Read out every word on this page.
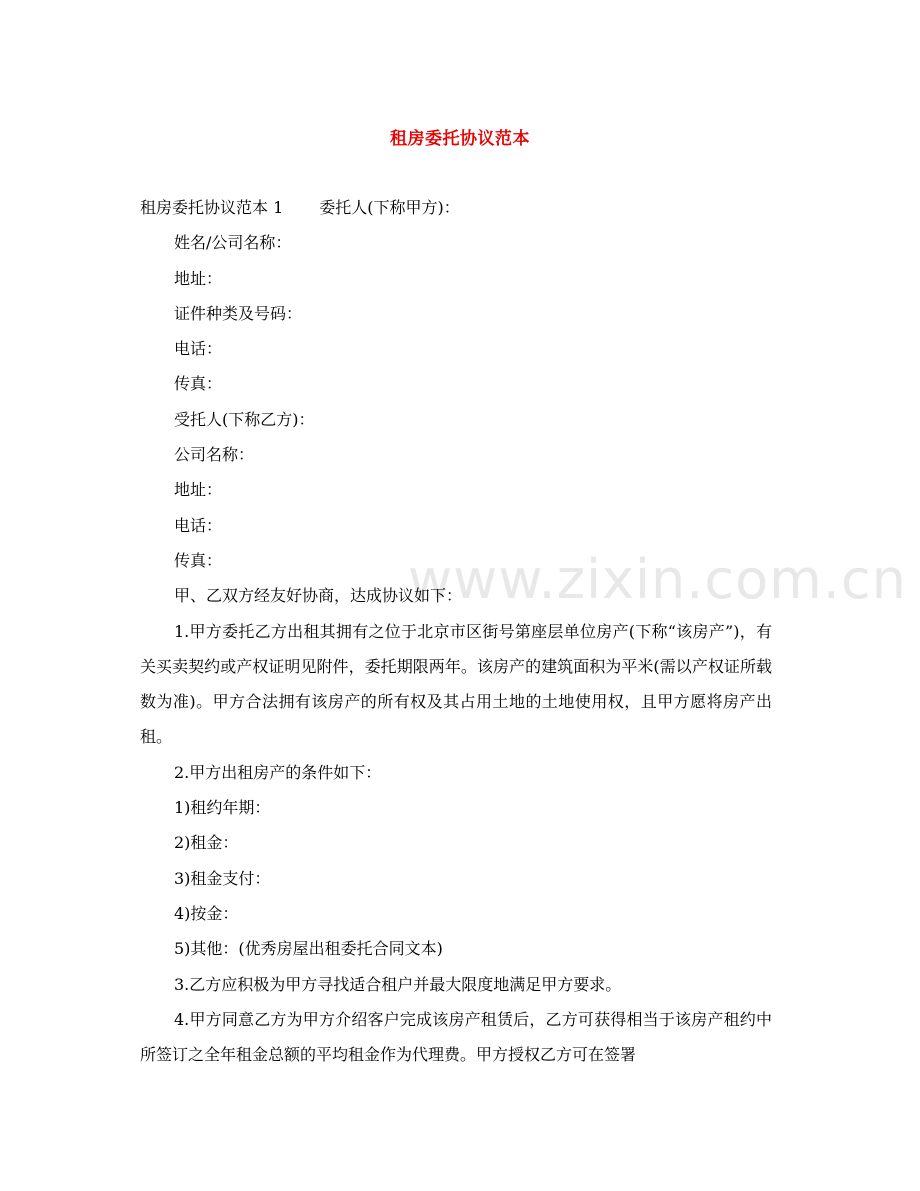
www.zixin.com.cn
租房委托协议范本

租房委托协议范本 1 委托人(下称甲方)：

姓名/公司名称：

地址：

证件种类及号码：

电话：

传真：

受托人(下称乙方)：

公司名称：

地址：

电话：

传真：

甲、乙双方经友好协商，达成协议如下：

1.甲方委托乙方出租其拥有之位于北京市区街号第座层单位房产(下称“该房产”)，有关买卖契约或产权证明见附件，委托期限两年。该房产的建筑面积为平米(需以产权证所载数为准)。甲方合法拥有该房产的所有权及其占用土地的土地使用权，且甲方愿将房产出租。

2.甲方出租房产的条件如下：

1)租约年期：

2)租金：

3)租金支付：

4)按金：

5)其他：(优秀房屋出租委托合同文本)

3.乙方应积极为甲方寻找适合租户并最大限度地满足甲方要求。

4.甲方同意乙方为甲方介绍客户完成该房产租赁后，乙方可获得相当于该房产租约中所签订之全年租金总额的平均租金作为代理费。甲方授权乙方可在签署
